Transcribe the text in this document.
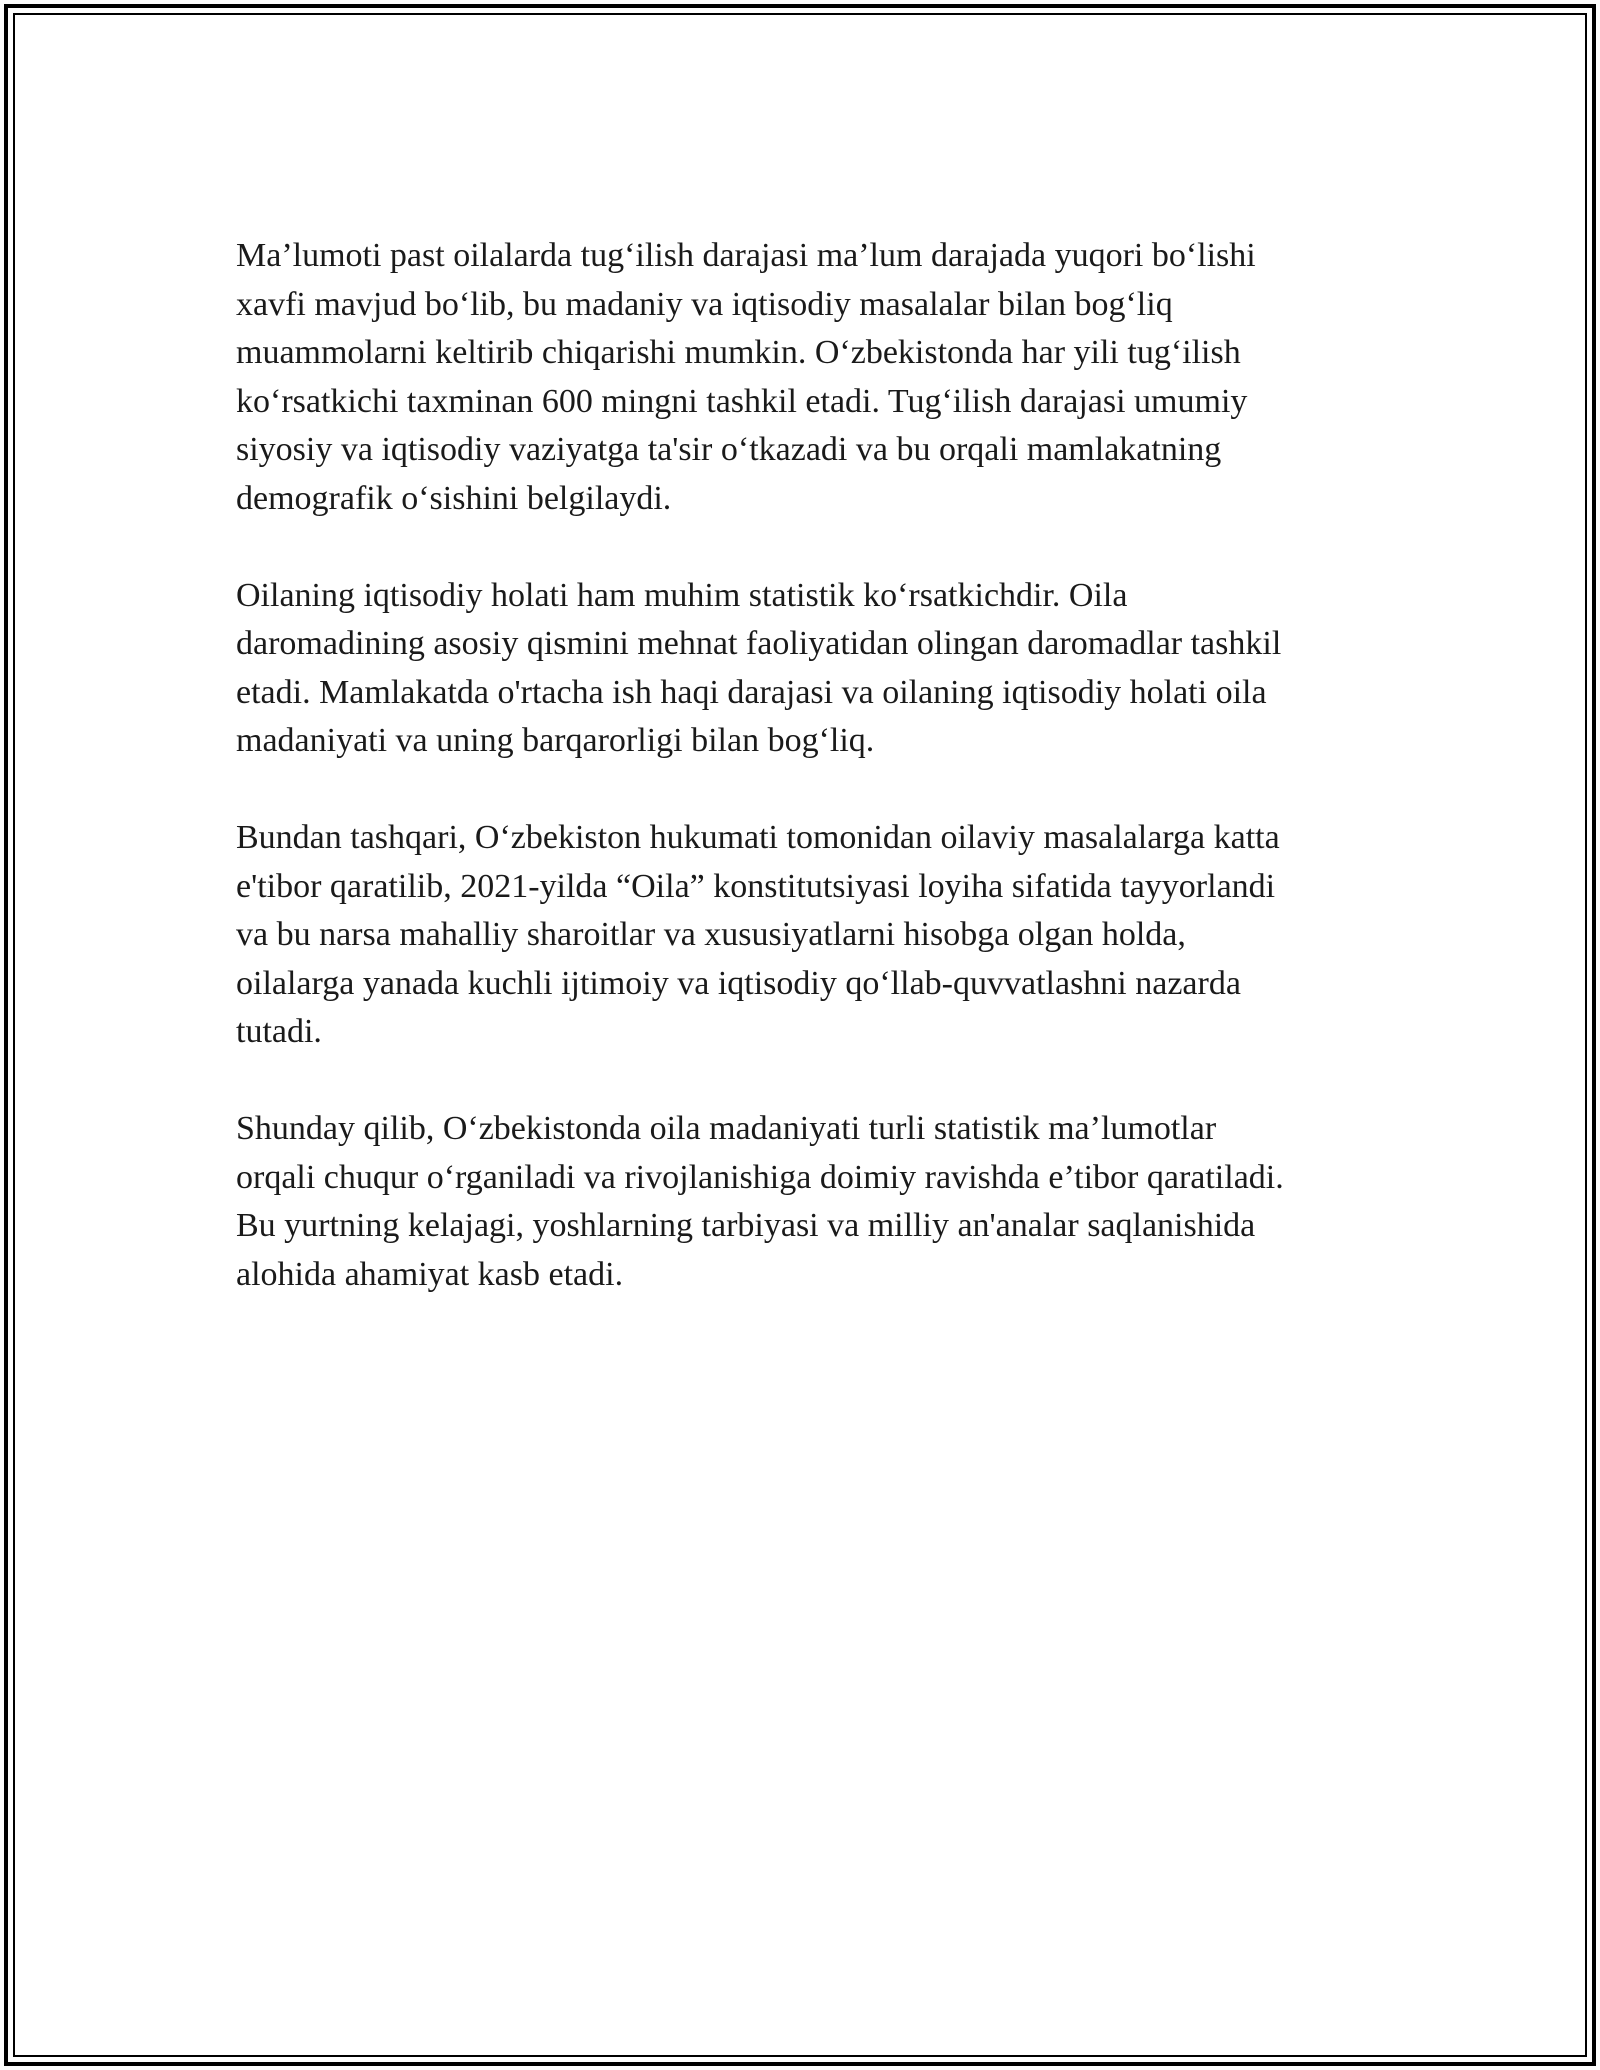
Ma’lumoti past oilalarda tug‘ilish darajasi ma’lum darajada yuqori bo‘lishi
xavfi mavjud bo‘lib, bu madaniy va iqtisodiy masalalar bilan bog‘liq
muammolarni keltirib chiqarishi mumkin. O‘zbekistonda har yili tug‘ilish
ko‘rsatkichi taxminan 600 mingni tashkil etadi. Tug‘ilish darajasi umumiy
siyosiy va iqtisodiy vaziyatga ta'sir o‘tkazadi va bu orqali mamlakatning
demografik o‘sishini belgilaydi.

Oilaning iqtisodiy holati ham muhim statistik ko‘rsatkichdir. Oila
daromadining asosiy qismini mehnat faoliyatidan olingan daromadlar tashkil
etadi. Mamlakatda o'rtacha ish haqi darajasi va oilaning iqtisodiy holati oila
madaniyati va uning barqarorligi bilan bog‘liq.

Bundan tashqari, O‘zbekiston hukumati tomonidan oilaviy masalalarga katta
e'tibor qaratilib, 2021-yilda “Oila” konstitutsiyasi loyiha sifatida tayyorlandi
va bu narsa mahalliy sharoitlar va xususiyatlarni hisobga olgan holda,
oilalarga yanada kuchli ijtimoiy va iqtisodiy qo‘llab-quvvatlashni nazarda
tutadi.

Shunday qilib, O‘zbekistonda oila madaniyati turli statistik ma’lumotlar
orqali chuqur o‘rganiladi va rivojlanishiga doimiy ravishda e’tibor qaratiladi.
Bu yurtning kelajagi, yoshlarning tarbiyasi va milliy an'analar saqlanishida
alohida ahamiyat kasb etadi.
